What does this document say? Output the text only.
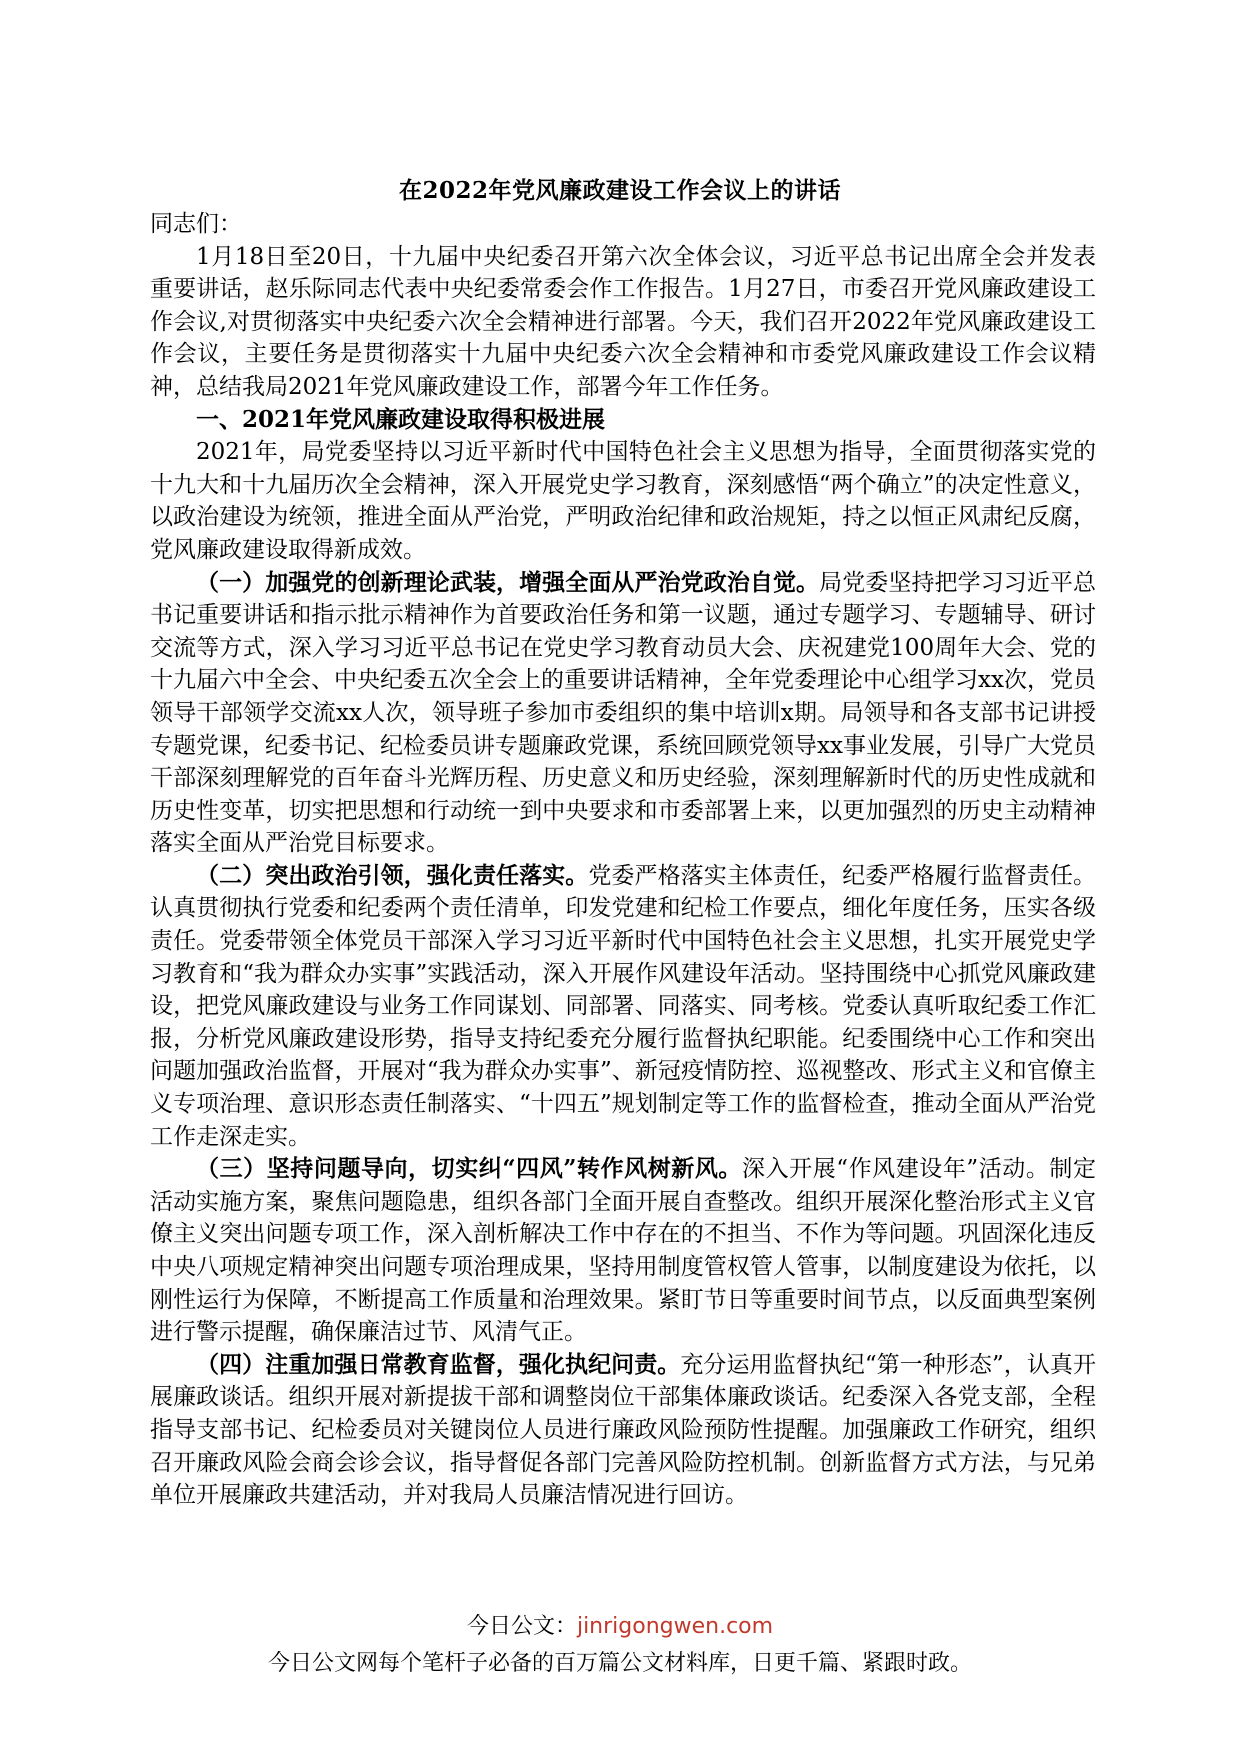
在2022年党风廉政建设工作会议上的讲话

同志们：

1月18日至20日，十九届中央纪委召开第六次全体会议，习近平总书记出席全会并发表重要讲话，赵乐际同志代表中央纪委常委会作工作报告。1月27日，市委召开党风廉政建设工作会议,对贯彻落实中央纪委六次全会精神进行部署。今天，我们召开2022年党风廉政建设工作会议，主要任务是贯彻落实十九届中央纪委六次全会精神和市委党风廉政建设工作会议精神，总结我局2021年党风廉政建设工作，部署今年工作任务。

一、2021年党风廉政建设取得积极进展

2021年，局党委坚持以习近平新时代中国特色社会主义思想为指导，全面贯彻落实党的十九大和十九届历次全会精神，深入开展党史学习教育，深刻感悟“两个确立”的决定性意义，以政治建设为统领，推进全面从严治党，严明政治纪律和政治规矩，持之以恒正风肃纪反腐，党风廉政建设取得新成效。

（一）加强党的创新理论武装，增强全面从严治党政治自觉。局党委坚持把学习习近平总书记重要讲话和指示批示精神作为首要政治任务和第一议题，通过专题学习、专题辅导、研讨交流等方式，深入学习习近平总书记在党史学习教育动员大会、庆祝建党100周年大会、党的十九届六中全会、中央纪委五次全会上的重要讲话精神，全年党委理论中心组学习xx次，党员领导干部领学交流xx人次，领导班子参加市委组织的集中培训x期。局领导和各支部书记讲授专题党课，纪委书记、纪检委员讲专题廉政党课，系统回顾党领导xx事业发展，引导广大党员干部深刻理解党的百年奋斗光辉历程、历史意义和历史经验，深刻理解新时代的历史性成就和历史性变革，切实把思想和行动统一到中央要求和市委部署上来，以更加强烈的历史主动精神落实全面从严治党目标要求。

（二）突出政治引领，强化责任落实。党委严格落实主体责任，纪委严格履行监督责任。认真贯彻执行党委和纪委两个责任清单，印发党建和纪检工作要点，细化年度任务，压实各级责任。党委带领全体党员干部深入学习习近平新时代中国特色社会主义思想，扎实开展党史学习教育和“我为群众办实事”实践活动，深入开展作风建设年活动。坚持围绕中心抓党风廉政建设，把党风廉政建设与业务工作同谋划、同部署、同落实、同考核。党委认真听取纪委工作汇报，分析党风廉政建设形势，指导支持纪委充分履行监督执纪职能。纪委围绕中心工作和突出问题加强政治监督，开展对“我为群众办实事”、新冠疫情防控、巡视整改、形式主义和官僚主义专项治理、意识形态责任制落实、“十四五”规划制定等工作的监督检查，推动全面从严治党工作走深走实。

（三）坚持问题导向，切实纠“四风”转作风树新风。深入开展“作风建设年”活动。制定活动实施方案，聚焦问题隐患，组织各部门全面开展自查整改。组织开展深化整治形式主义官僚主义突出问题专项工作，深入剖析解决工作中存在的不担当、不作为等问题。巩固深化违反中央八项规定精神突出问题专项治理成果，坚持用制度管权管人管事，以制度建设为依托，以刚性运行为保障，不断提高工作质量和治理效果。紧盯节日等重要时间节点，以反面典型案例进行警示提醒，确保廉洁过节、风清气正。

（四）注重加强日常教育监督，强化执纪问责。充分运用监督执纪“第一种形态”，认真开展廉政谈话。组织开展对新提拔干部和调整岗位干部集体廉政谈话。纪委深入各党支部，全程指导支部书记、纪检委员对关键岗位人员进行廉政风险预防性提醒。加强廉政工作研究，组织召开廉政风险会商会诊会议，指导督促各部门完善风险防控机制。创新监督方式方法，与兄弟单位开展廉政共建活动，并对我局人员廉洁情况进行回访。

今日公文：jinrigongwen.com
今日公文网每个笔杆子必备的百万篇公文材料库，日更千篇、紧跟时政。
